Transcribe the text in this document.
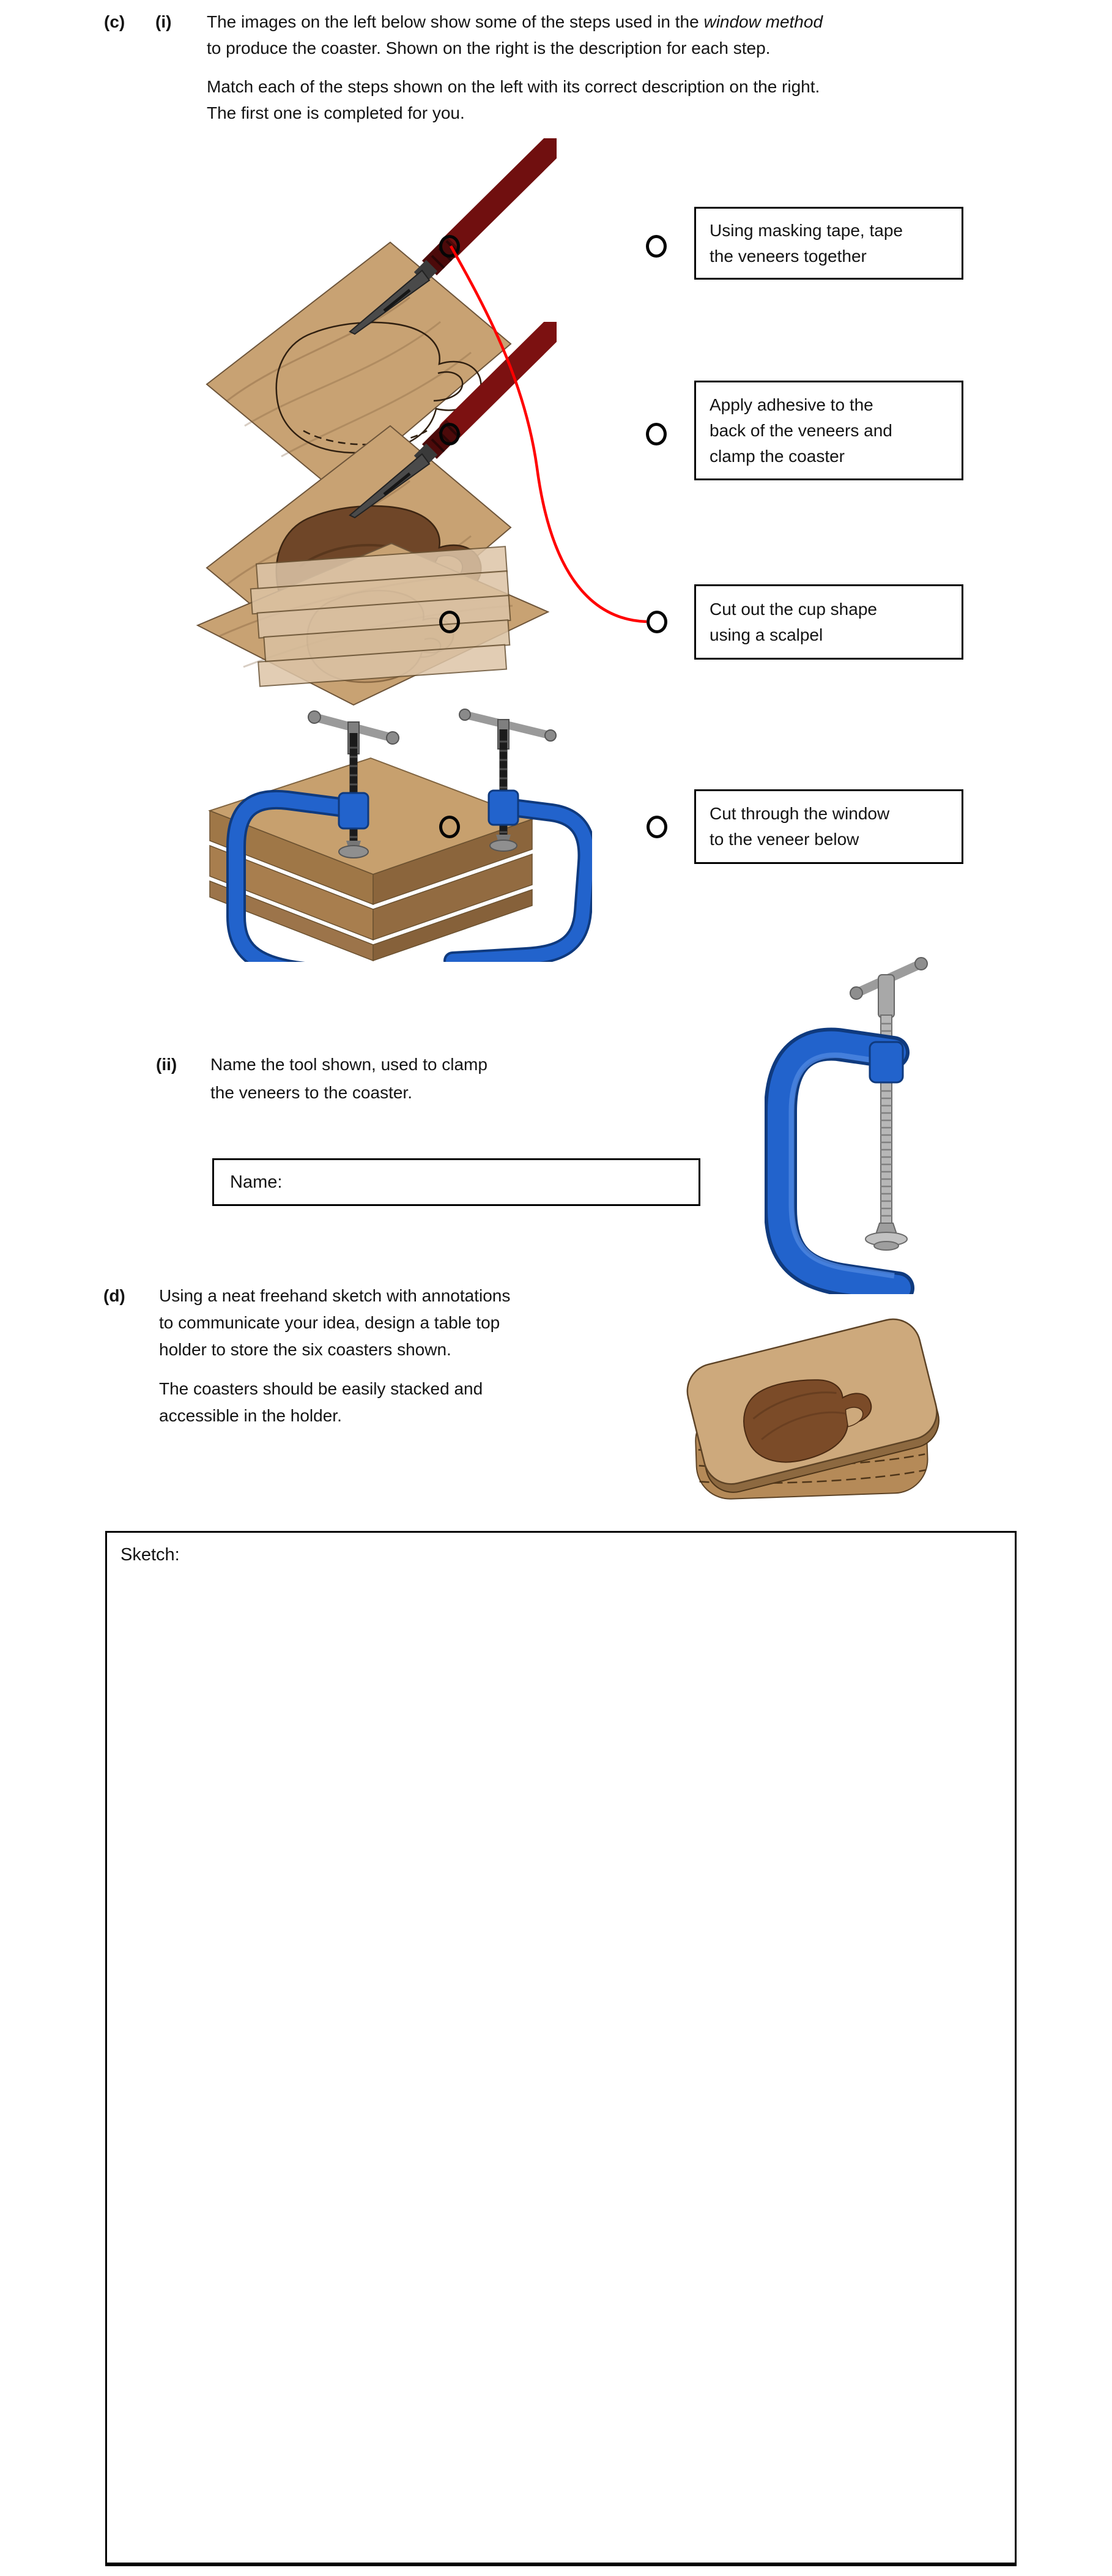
(c) (i) The images on the left below show some of the steps used in the window method
to produce the coaster. Shown on the right is the description for each step.
Match each of the steps shown on the left with its correct description on the right.
The first one is completed for you.
Using masking tape, tape
the veneers together
Apply adhesive to the
back of the veneers and
clamp the coaster
Cut out the cup shape
using a scalpel
Cut through the window
to the veneer below
(ii) Name the tool shown, used to clamp
the veneers to the coaster.
Name:
(d) Using a neat freehand sketch with annotations
to communicate your idea, design a table top
holder to store the six coasters shown.
The coasters should be easily stacked and
accessible in the holder.
Sketch:
